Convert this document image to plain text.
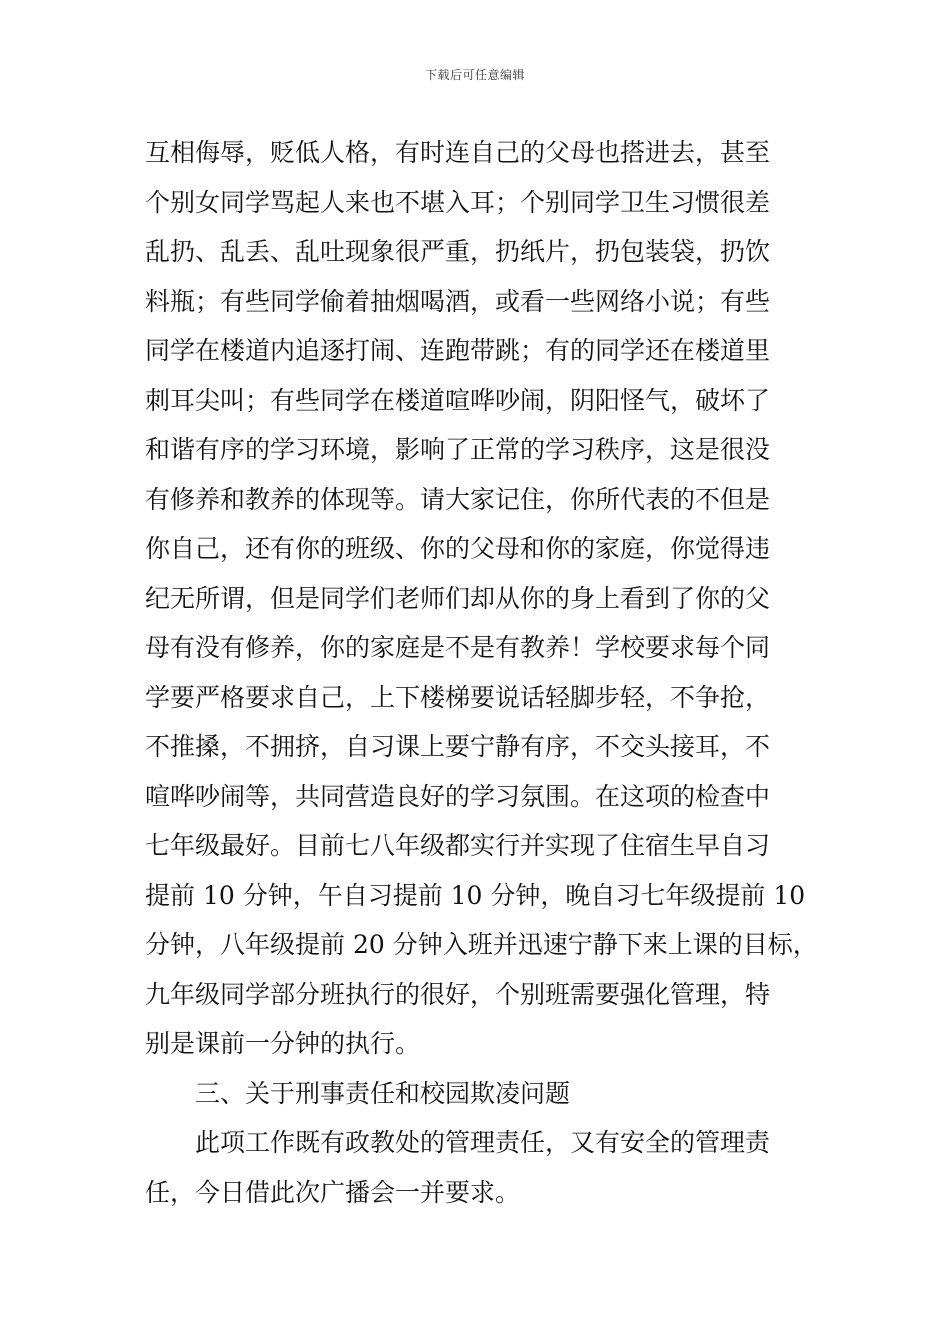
下载后可任意编辑
互相侮辱，贬低人格，有时连自己的父母也搭进去，甚至
个别女同学骂起人来也不堪入耳；个别同学卫生习惯很差
乱扔、乱丢、乱吐现象很严重，扔纸片，扔包装袋，扔饮
料瓶；有些同学偷着抽烟喝酒，或看一些网络小说；有些
同学在楼道内追逐打闹、连跑带跳；有的同学还在楼道里
刺耳尖叫；有些同学在楼道喧哗吵闹，阴阳怪气，破坏了
和谐有序的学习环境，影响了正常的学习秩序，这是很没
有修养和教养的体现等。请大家记住，你所代表的不但是
你自己，还有你的班级、你的父母和你的家庭，你觉得违
纪无所谓，但是同学们老师们却从你的身上看到了你的父
母有没有修养，你的家庭是不是有教养！学校要求每个同
学要严格要求自己，上下楼梯要说话轻脚步轻，不争抢，
不推搡，不拥挤，自习课上要宁静有序，不交头接耳，不
喧哗吵闹等，共同营造良好的学习氛围。在这项的检查中
七年级最好。目前七八年级都实行并实现了住宿生早自习
提前 10 分钟，午自习提前 10 分钟，晚自习七年级提前 10
分钟，八年级提前 20 分钟入班并迅速宁静下来上课的目标，
九年级同学部分班执行的很好，个别班需要强化管理，特
别是课前一分钟的执行。
三、关于刑事责任和校园欺凌问题
此项工作既有政教处的管理责任，又有安全的管理责
任，今日借此次广播会一并要求。
